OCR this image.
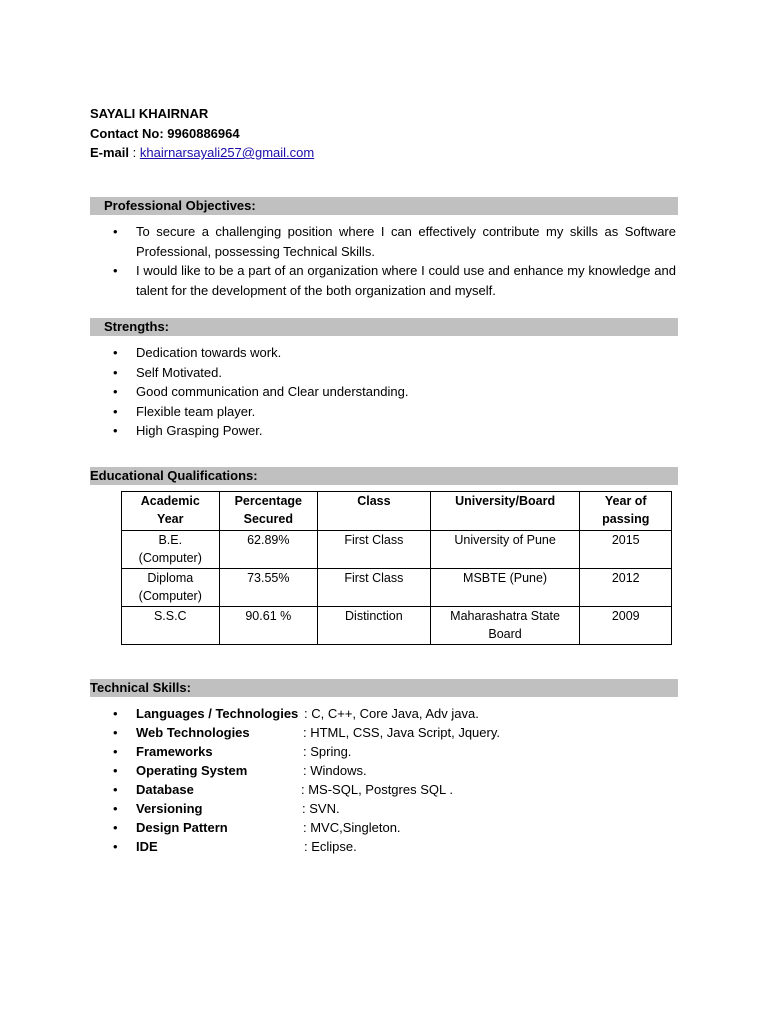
SAYALI KHAIRNAR
Contact No: 9960886964
E-mail : khairnarsayali257@gmail.com
Professional Objectives:
• To secure a challenging position where I can effectively contribute my skills as Software Professional, possessing Technical Skills.
• I would like to be a part of an organization where I could use and enhance my knowledge and talent for the development of the both organization and myself.
Strengths:
• Dedication towards work.
• Self Motivated.
• Good communication and Clear understanding.
• Flexible team player.
• High Grasping Power.
Educational Qualifications:
Academic Year	Percentage Secured	Class	University/Board	Year of passing
B.E. (Computer)	62.89%	First Class	University of Pune	2015
Diploma (Computer)	73.55%	First Class	MSBTE (Pune)	2012
S.S.C	90.61 %	Distinction	Maharashatra State Board	2009
Technical Skills:
• Languages / Technologies : C, C++, Core Java, Adv java.
• Web Technologies	: HTML, CSS, Java Script, Jquery.
• Frameworks	: Spring.
• Operating System	: Windows.
• Database	: MS-SQL, Postgres SQL .
• Versioning	: SVN.
• Design Pattern	: MVC,Singleton.
• IDE	: Eclipse.
